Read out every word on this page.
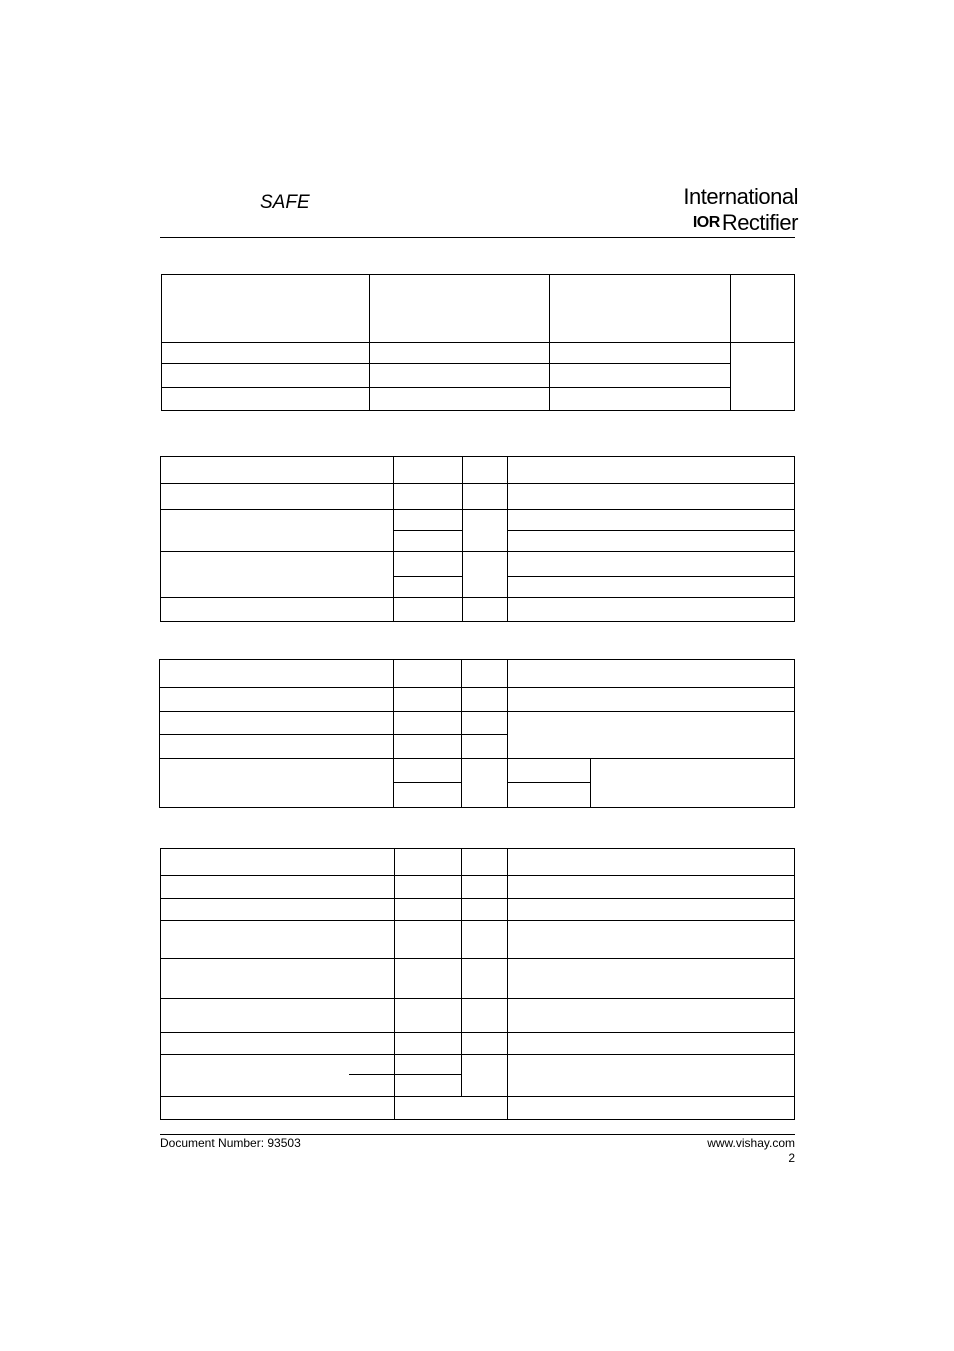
SAFE	International
IOR Rectifier
Document Number: 93503	www.vishay.com
2
